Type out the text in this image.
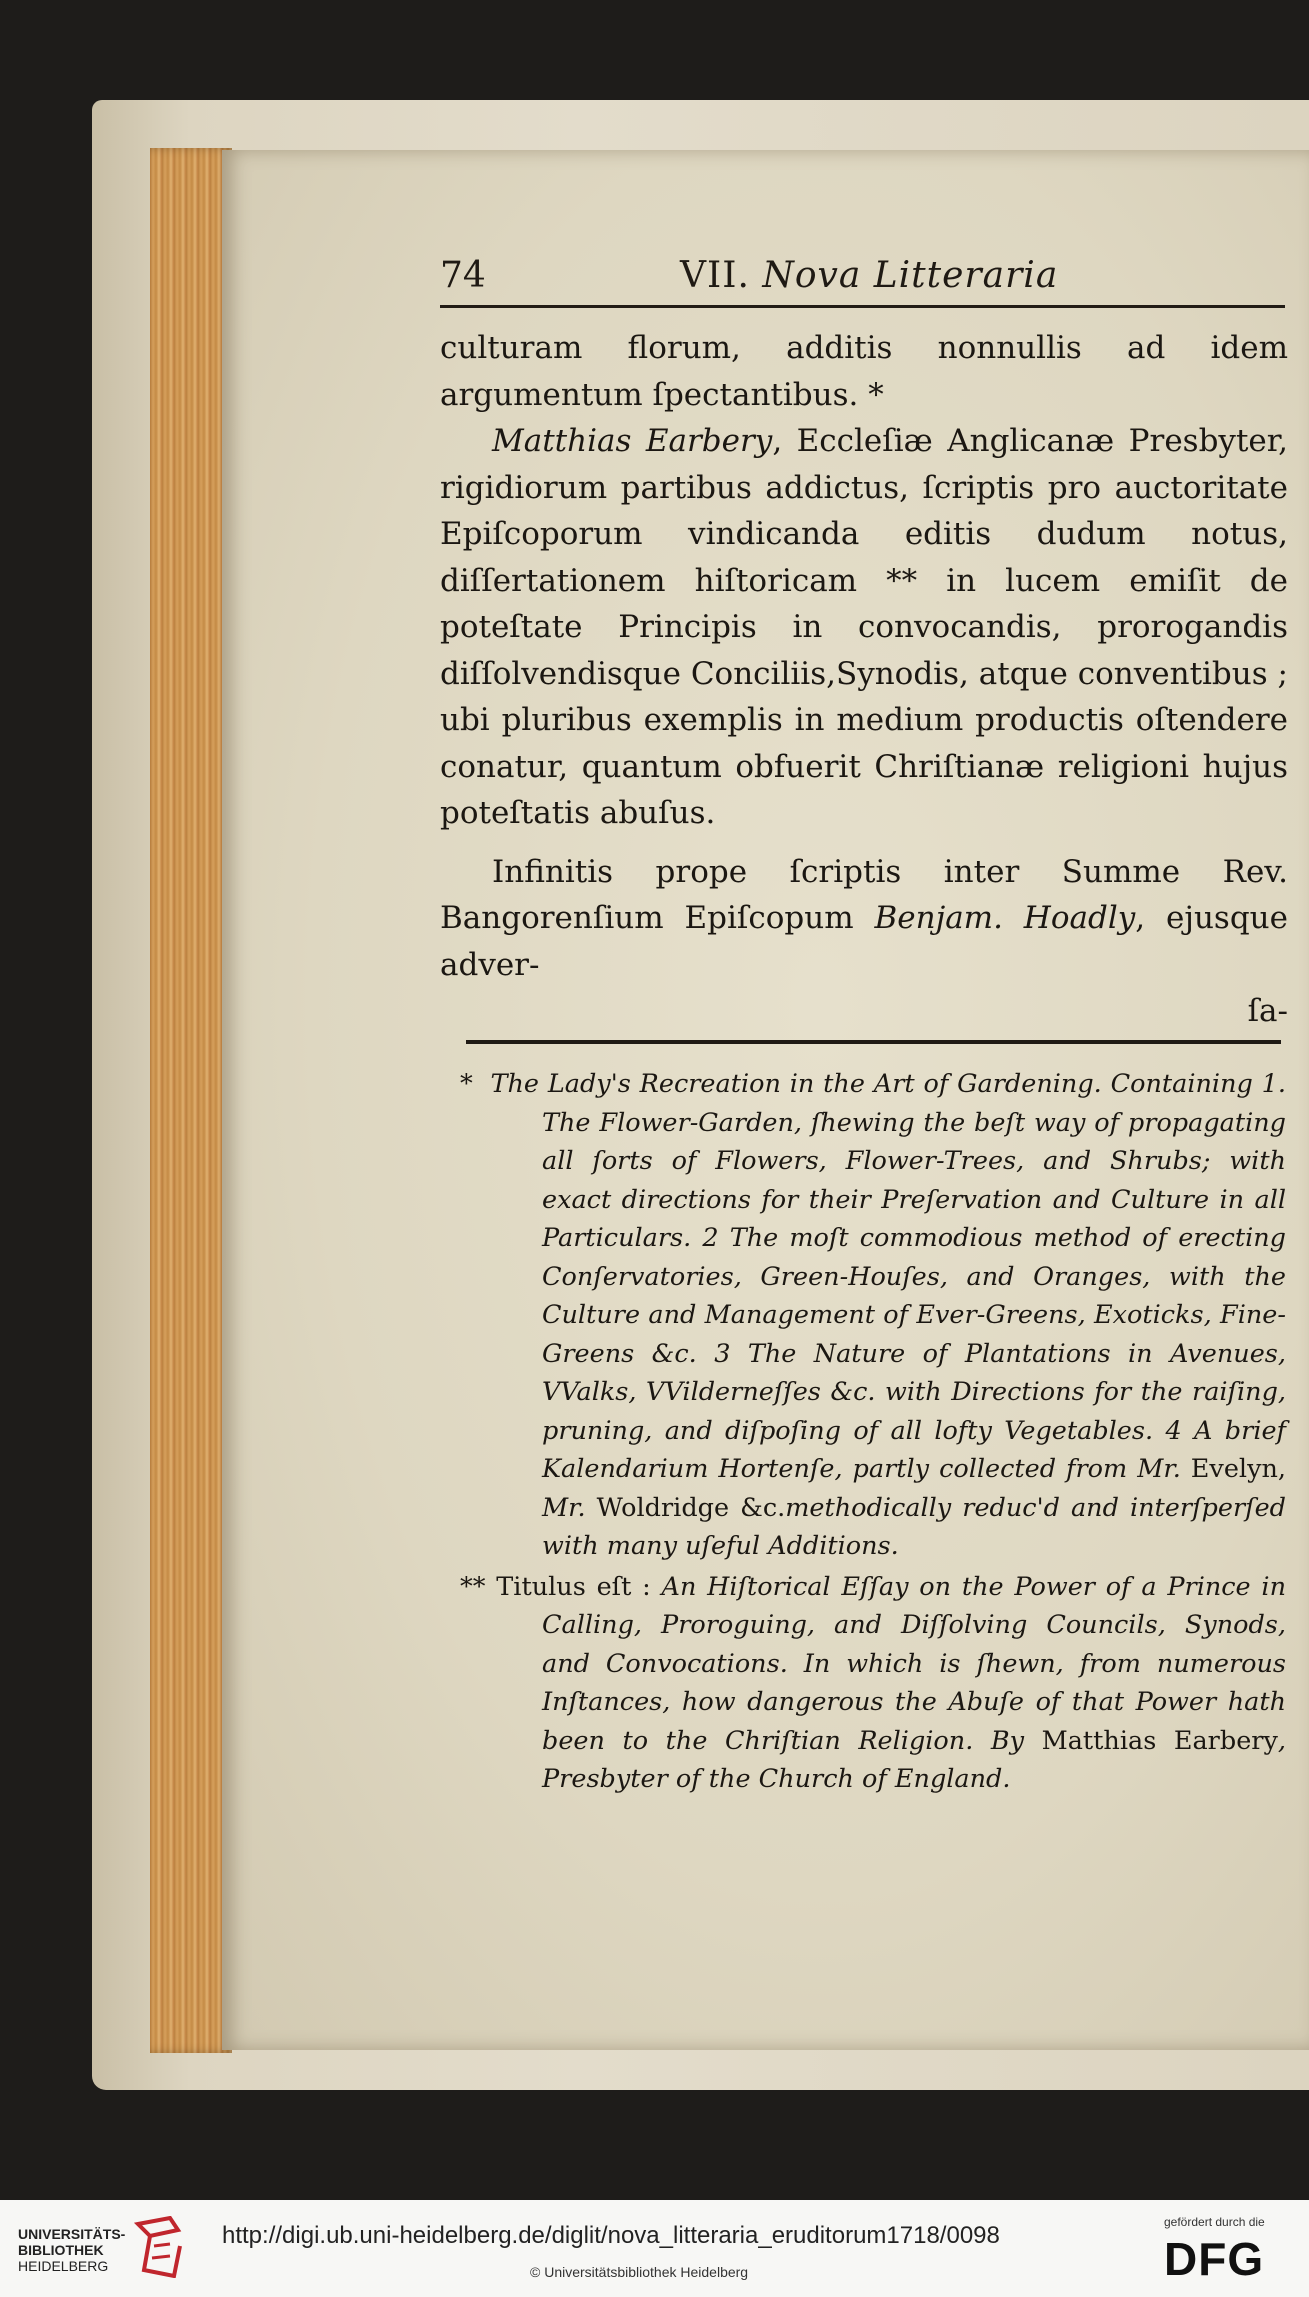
74	VII. Nova Litteraria

culturam florum, additis nonnullis ad idem argumentum ſpectantibus. *

Matthias Earbery, Eccleſiæ Anglicanæ Presbyter, rigidiorum partibus addictus, ſcriptis pro auctoritate Epiſcoporum vindicanda editis dudum notus, diſſertationem hiſtoricam ** in lucem emiſit de poteſtate Principis in convocandis, prorogandis diſſolvendisque Conciliis,Synodis, atque conventibus ; ubi pluribus exemplis in medium productis oſtendere conatur, quantum obfuerit Chriſtianæ religioni hujus poteſtatis abuſus.

Infinitis prope ſcriptis inter Summe Rev. Bangorenſium Epiſcopum Benjam. Hoadly, ejusque adver-

ſa-

* The Lady's Recreation in the Art of Gardening. Containing 1. The Flower-Garden, ſhewing the beſt way of propagating all ſorts of Flowers, Flower-Trees, and Shrubs; with exact directions for their Preſervation and Culture in all Particulars. 2 The moſt commodious method of erecting Conſervatories, Green-Houſes, and Oranges, with the Culture and Management of Ever-Greens, Exoticks, Fine-Greens &c. 3 The Nature of Plantations in Avenues, VValks, VVilderneſſes &c. with Directions for the raiſing, pruning, and diſpoſing of all lofty Vegetables. 4 A brief Kalendarium Hortenſe, partly collected from Mr. Evelyn, Mr. Woldridge &c.methodically reduc'd and interſperſed with many uſeful Additions.

** Titulus eſt : An Hiſtorical Eſſay on the Power of a Prince in Calling, Proroguing, and Diſſolving Councils, Synods, and Convocations. In which is ſhewn, from numerous Inſtances, how dangerous the Abuſe of that Power hath been to the Chriſtian Religion. By Matthias Earbery, Presbyter of the Church of England.

UNIVERSITÄTS-
BIBLIOTHEK
HEIDELBERG
http://digi.ub.uni-heidelberg.de/diglit/nova_litteraria_eruditorum1718/0098
© Universitätsbibliothek Heidelberg
gefördert durch die
DFG
